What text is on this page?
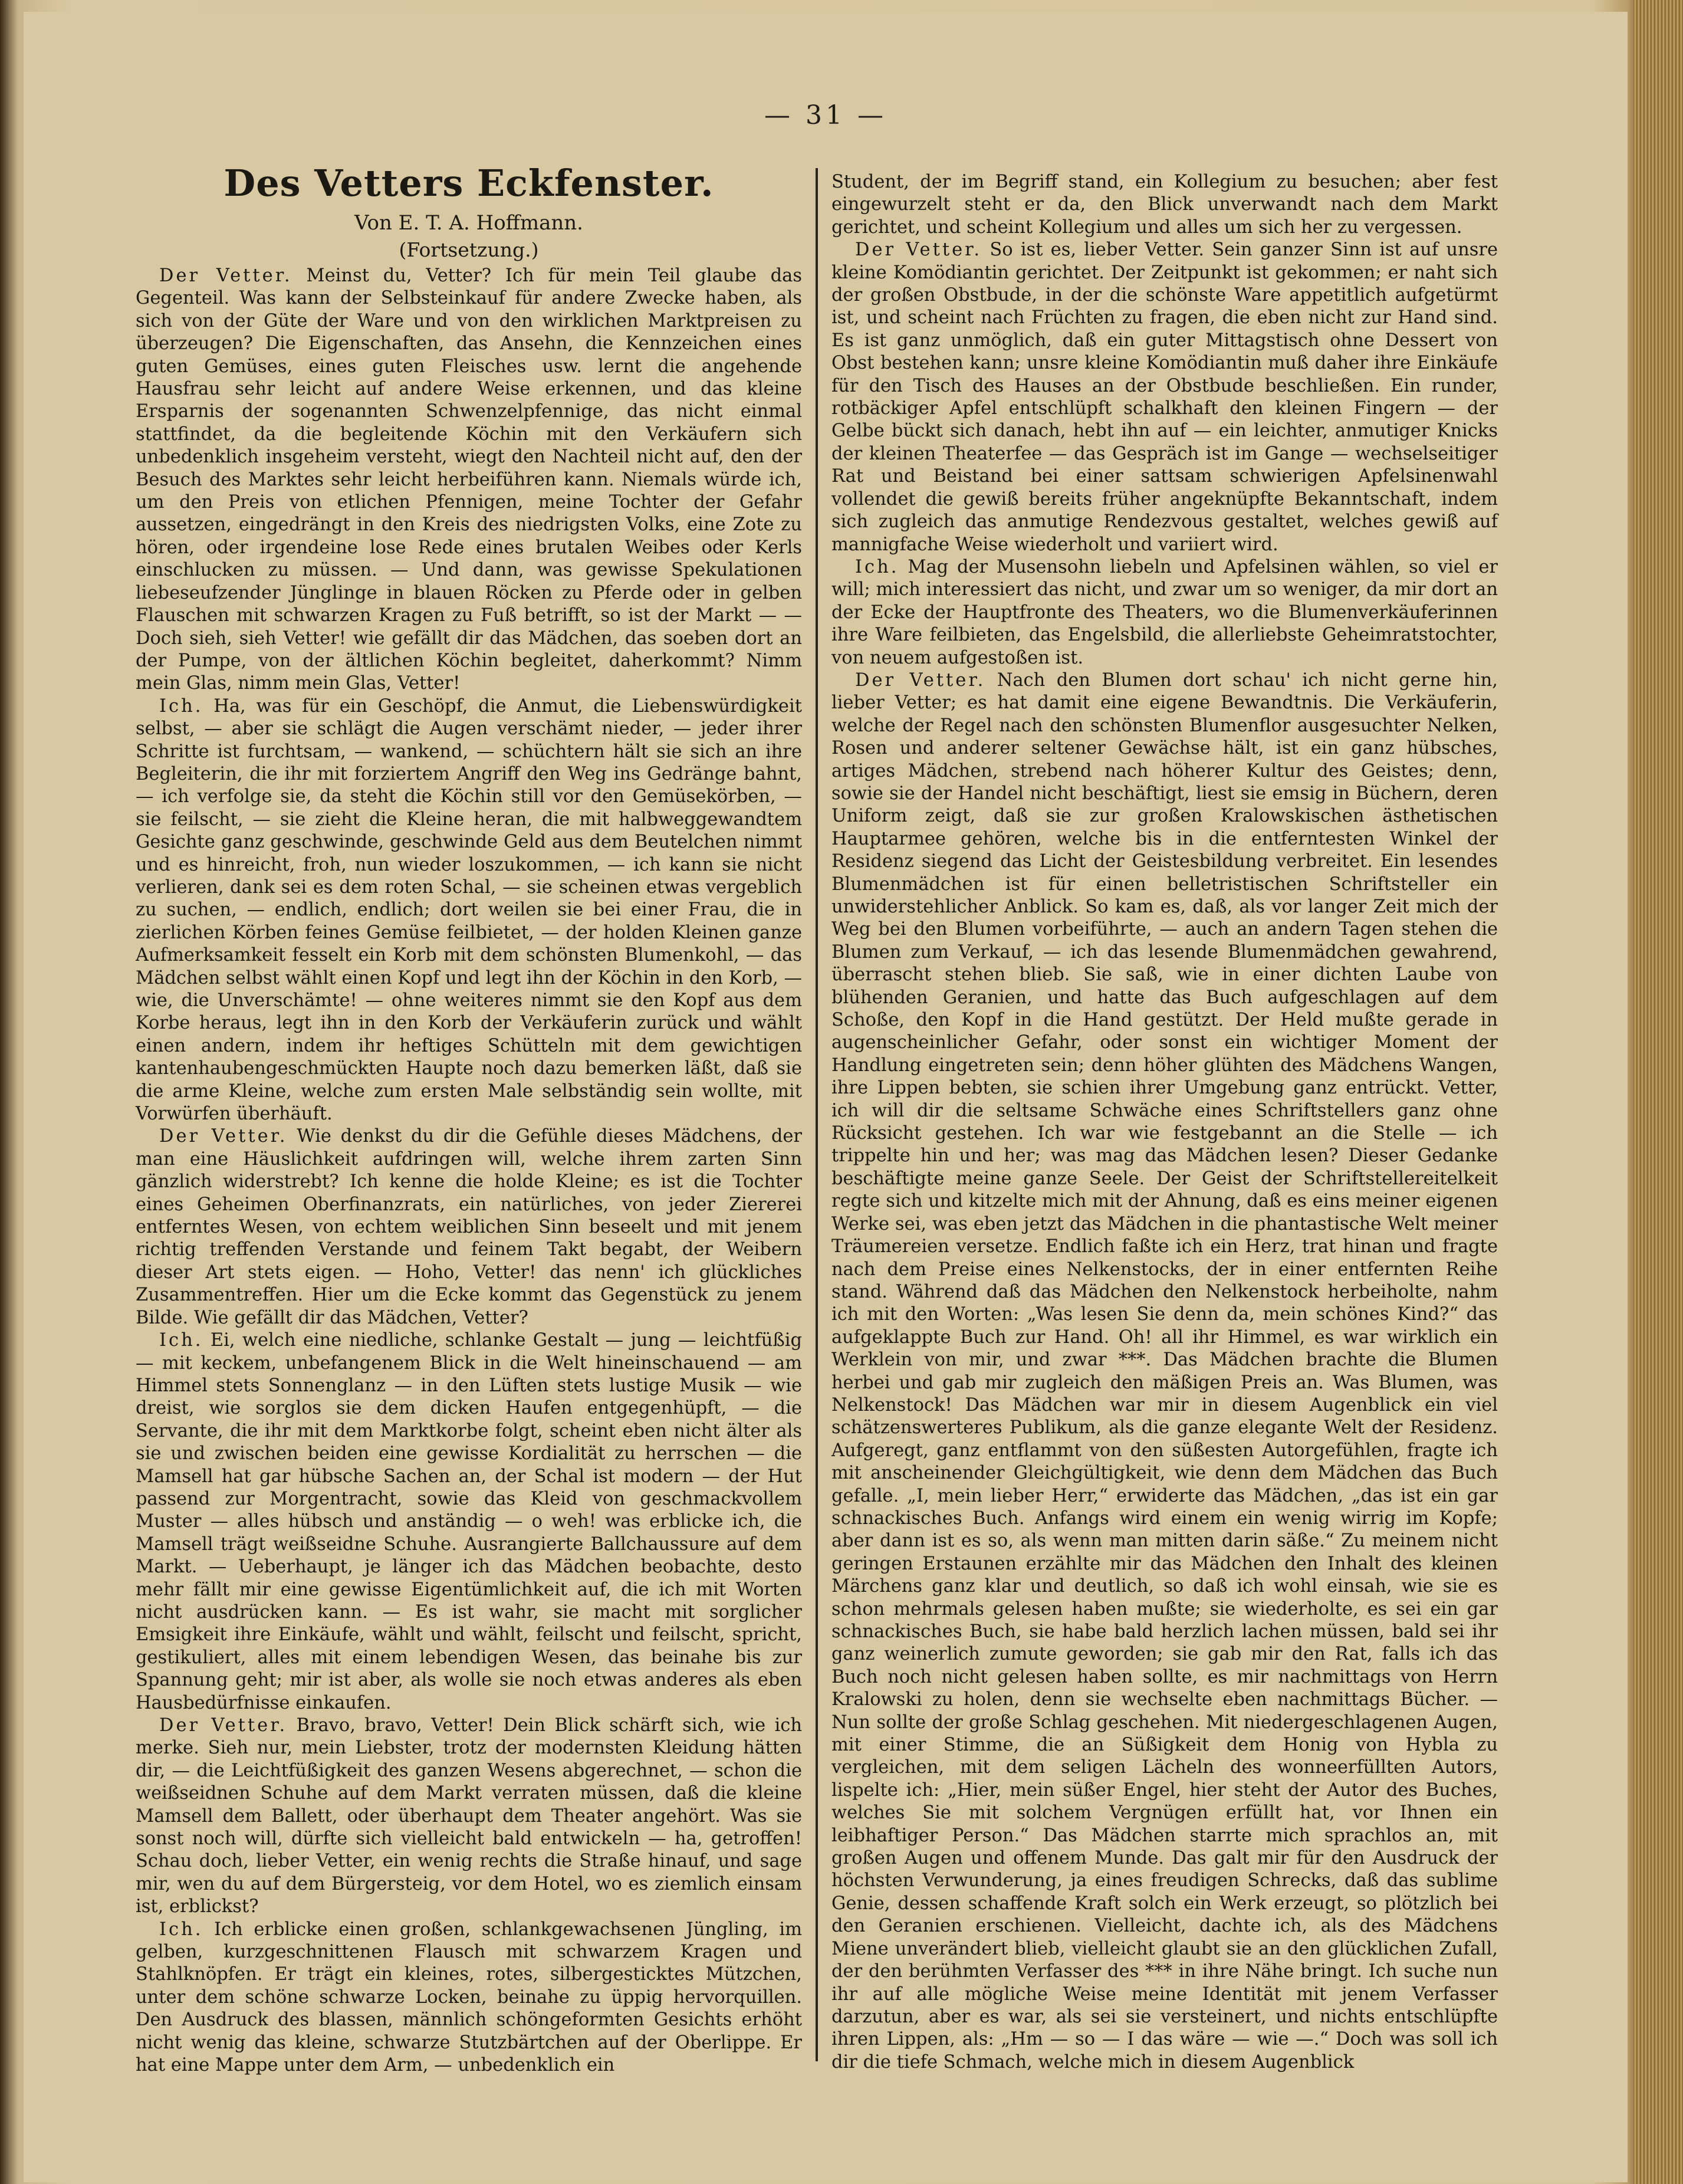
— 31 —
Des Vetters Eckfenster.
Von E. T. A. Hoffmann.
(Fortsetzung.)

Der Vetter. Meinst du, Vetter? Ich für mein Teil glaube das Gegenteil. Was kann der Selbsteinkauf für andere Zwecke haben, als sich von der Güte der Ware und von den wirklichen Marktpreisen zu überzeugen? Die Eigenschaften, das Ansehn, die Kennzeichen eines guten Gemüses, eines guten Fleisches usw. lernt die angehende Hausfrau sehr leicht auf andere Weise erkennen, und das kleine Ersparnis der sogenannten Schwenzelpfennige, das nicht einmal stattfindet, da die begleitende Köchin mit den Verkäufern sich unbedenklich insgeheim versteht, wiegt den Nachteil nicht auf, den der Besuch des Marktes sehr leicht herbeiführen kann. Niemals würde ich, um den Preis von etlichen Pfennigen, meine Tochter der Gefahr aussetzen, eingedrängt in den Kreis des niedrigsten Volks, eine Zote zu hören, oder irgendeine lose Rede eines brutalen Weibes oder Kerls einschlucken zu müssen. — Und dann, was gewisse Spekulationen liebeseufzender Jünglinge in blauen Röcken zu Pferde oder in gelben Flauschen mit schwarzen Kragen zu Fuß betrifft, so ist der Markt — — Doch sieh, sieh Vetter! wie gefällt dir das Mädchen, das soeben dort an der Pumpe, von der ältlichen Köchin begleitet, daherkommt? Nimm mein Glas, nimm mein Glas, Vetter!

Ich. Ha, was für ein Geschöpf, die Anmut, die Liebenswürdigkeit selbst, — aber sie schlägt die Augen verschämt nieder, — jeder ihrer Schritte ist furchtsam, — wankend, — schüchtern hält sie sich an ihre Begleiterin, die ihr mit forziertem Angriff den Weg ins Gedränge bahnt, — ich verfolge sie, da steht die Köchin still vor den Gemüsekörben, — sie feilscht, — sie zieht die Kleine heran, die mit halbweggewandtem Gesichte ganz geschwinde, geschwinde Geld aus dem Beutelchen nimmt und es hinreicht, froh, nun wieder loszukommen, — ich kann sie nicht verlieren, dank sei es dem roten Schal, — sie scheinen etwas vergeblich zu suchen, — endlich, endlich; dort weilen sie bei einer Frau, die in zierlichen Körben feines Gemüse feilbietet, — der holden Kleinen ganze Aufmerksamkeit fesselt ein Korb mit dem schönsten Blumenkohl, — das Mädchen selbst wählt einen Kopf und legt ihn der Köchin in den Korb, — wie, die Unverschämte! — ohne weiteres nimmt sie den Kopf aus dem Korbe heraus, legt ihn in den Korb der Verkäuferin zurück und wählt einen andern, indem ihr heftiges Schütteln mit dem gewichtigen kantenhaubengeschmückten Haupte noch dazu bemerken läßt, daß sie die arme Kleine, welche zum ersten Male selbständig sein wollte, mit Vorwürfen überhäuft.

Der Vetter. Wie denkst du dir die Gefühle dieses Mädchens, der man eine Häuslichkeit aufdringen will, welche ihrem zarten Sinn gänzlich widerstrebt? Ich kenne die holde Kleine; es ist die Tochter eines Geheimen Oberfinanzrats, ein natürliches, von jeder Ziererei entferntes Wesen, von echtem weiblichen Sinn beseelt und mit jenem richtig treffenden Verstande und feinem Takt begabt, der Weibern dieser Art stets eigen. — Hoho, Vetter! das nenn' ich glückliches Zusammentreffen. Hier um die Ecke kommt das Gegenstück zu jenem Bilde. Wie gefällt dir das Mädchen, Vetter?

Ich. Ei, welch eine niedliche, schlanke Gestalt — jung — leichtfüßig — mit keckem, unbefangenem Blick in die Welt hineinschauend — am Himmel stets Sonnenglanz — in den Lüften stets lustige Musik — wie dreist, wie sorglos sie dem dicken Haufen entgegenhüpft, — die Servante, die ihr mit dem Marktkorbe folgt, scheint eben nicht älter als sie und zwischen beiden eine gewisse Kordialität zu herrschen — die Mamsell hat gar hübsche Sachen an, der Schal ist modern — der Hut passend zur Morgentracht, sowie das Kleid von geschmackvollem Muster — alles hübsch und anständig — o weh! was erblicke ich, die Mamsell trägt weißseidne Schuhe. Ausrangierte Ballchaussure auf dem Markt. — Ueberhaupt, je länger ich das Mädchen beobachte, desto mehr fällt mir eine gewisse Eigentümlichkeit auf, die ich mit Worten nicht ausdrücken kann. — Es ist wahr, sie macht mit sorglicher Emsigkeit ihre Einkäufe, wählt und wählt, feilscht und feilscht, spricht, gestikuliert, alles mit einem lebendigen Wesen, das beinahe bis zur Spannung geht; mir ist aber, als wolle sie noch etwas anderes als eben Hausbedürfnisse einkaufen.

Der Vetter. Bravo, bravo, Vetter! Dein Blick schärft sich, wie ich merke. Sieh nur, mein Liebster, trotz der modernsten Kleidung hätten dir, — die Leichtfüßigkeit des ganzen Wesens abgerechnet, — schon die weißseidnen Schuhe auf dem Markt verraten müssen, daß die kleine Mamsell dem Ballett, oder überhaupt dem Theater angehört. Was sie sonst noch will, dürfte sich vielleicht bald entwickeln — ha, getroffen! Schau doch, lieber Vetter, ein wenig rechts die Straße hinauf, und sage mir, wen du auf dem Bürgersteig, vor dem Hotel, wo es ziemlich einsam ist, erblickst?

Ich. Ich erblicke einen großen, schlankgewachsenen Jüngling, im gelben, kurzgeschnittenen Flausch mit schwarzem Kragen und Stahlknöpfen. Er trägt ein kleines, rotes, silbergesticktes Mützchen, unter dem schöne schwarze Locken, beinahe zu üppig hervorquillen. Den Ausdruck des blassen, männlich schöngeformten Gesichts erhöht nicht wenig das kleine, schwarze Stutzbärtchen auf der Oberlippe. Er hat eine Mappe unter dem Arm, — unbedenklich ein

Student, der im Begriff stand, ein Kollegium zu besuchen; aber fest eingewurzelt steht er da, den Blick unverwandt nach dem Markt gerichtet, und scheint Kollegium und alles um sich her zu vergessen.

Der Vetter. So ist es, lieber Vetter. Sein ganzer Sinn ist auf unsre kleine Komödiantin gerichtet. Der Zeitpunkt ist gekommen; er naht sich der großen Obstbude, in der die schönste Ware appetitlich aufgetürmt ist, und scheint nach Früchten zu fragen, die eben nicht zur Hand sind. Es ist ganz unmöglich, daß ein guter Mittagstisch ohne Dessert von Obst bestehen kann; unsre kleine Komödiantin muß daher ihre Einkäufe für den Tisch des Hauses an der Obstbude beschließen. Ein runder, rotbäckiger Apfel entschlüpft schalkhaft den kleinen Fingern — der Gelbe bückt sich danach, hebt ihn auf — ein leichter, anmutiger Knicks der kleinen Theaterfee — das Gespräch ist im Gange — wechselseitiger Rat und Beistand bei einer sattsam schwierigen Apfelsinenwahl vollendet die gewiß bereits früher angeknüpfte Bekanntschaft, indem sich zugleich das anmutige Rendezvous gestaltet, welches gewiß auf mannigfache Weise wiederholt und variiert wird.

Ich. Mag der Musensohn liebeln und Apfelsinen wählen, so viel er will; mich interessiert das nicht, und zwar um so weniger, da mir dort an der Ecke der Hauptfronte des Theaters, wo die Blumenverkäuferinnen ihre Ware feilbieten, das Engelsbild, die allerliebste Geheimratstochter, von neuem aufgestoßen ist.

Der Vetter. Nach den Blumen dort schau' ich nicht gerne hin, lieber Vetter; es hat damit eine eigene Bewandtnis. Die Verkäuferin, welche der Regel nach den schönsten Blumenflor ausgesuchter Nelken, Rosen und anderer seltener Gewächse hält, ist ein ganz hübsches, artiges Mädchen, strebend nach höherer Kultur des Geistes; denn, sowie sie der Handel nicht beschäftigt, liest sie emsig in Büchern, deren Uniform zeigt, daß sie zur großen Kralowskischen ästhetischen Hauptarmee gehören, welche bis in die entferntesten Winkel der Residenz siegend das Licht der Geistesbildung verbreitet. Ein lesendes Blumenmädchen ist für einen belletristischen Schriftsteller ein unwiderstehlicher Anblick. So kam es, daß, als vor langer Zeit mich der Weg bei den Blumen vorbeiführte, — auch an andern Tagen stehen die Blumen zum Verkauf, — ich das lesende Blumenmädchen gewahrend, überrascht stehen blieb. Sie saß, wie in einer dichten Laube von blühenden Geranien, und hatte das Buch aufgeschlagen auf dem Schoße, den Kopf in die Hand gestützt. Der Held mußte gerade in augenscheinlicher Gefahr, oder sonst ein wichtiger Moment der Handlung eingetreten sein; denn höher glühten des Mädchens Wangen, ihre Lippen bebten, sie schien ihrer Umgebung ganz entrückt. Vetter, ich will dir die seltsame Schwäche eines Schriftstellers ganz ohne Rücksicht gestehen. Ich war wie festgebannt an die Stelle — ich trippelte hin und her; was mag das Mädchen lesen? Dieser Gedanke beschäftigte meine ganze Seele. Der Geist der Schriftstellereitelkeit regte sich und kitzelte mich mit der Ahnung, daß es eins meiner eigenen Werke sei, was eben jetzt das Mädchen in die phantastische Welt meiner Träumereien versetze. Endlich faßte ich ein Herz, trat hinan und fragte nach dem Preise eines Nelkenstocks, der in einer entfernten Reihe stand. Während daß das Mädchen den Nelkenstock herbeiholte, nahm ich mit den Worten: „Was lesen Sie denn da, mein schönes Kind?“ das aufgeklappte Buch zur Hand. Oh! all ihr Himmel, es war wirklich ein Werklein von mir, und zwar ***. Das Mädchen brachte die Blumen herbei und gab mir zugleich den mäßigen Preis an. Was Blumen, was Nelkenstock! Das Mädchen war mir in diesem Augenblick ein viel schätzenswerteres Publikum, als die ganze elegante Welt der Residenz. Aufgeregt, ganz entflammt von den süßesten Autorgefühlen, fragte ich mit anscheinender Gleichgültigkeit, wie denn dem Mädchen das Buch gefalle. „I, mein lieber Herr,“ erwiderte das Mädchen, „das ist ein gar schnackisches Buch. Anfangs wird einem ein wenig wirrig im Kopfe; aber dann ist es so, als wenn man mitten darin säße.“ Zu meinem nicht geringen Erstaunen erzählte mir das Mädchen den Inhalt des kleinen Märchens ganz klar und deutlich, so daß ich wohl einsah, wie sie es schon mehrmals gelesen haben mußte; sie wiederholte, es sei ein gar schnackisches Buch, sie habe bald herzlich lachen müssen, bald sei ihr ganz weinerlich zumute geworden; sie gab mir den Rat, falls ich das Buch noch nicht gelesen haben sollte, es mir nachmittags von Herrn Kralowski zu holen, denn sie wechselte eben nachmittags Bücher. — Nun sollte der große Schlag geschehen. Mit niedergeschlagenen Augen, mit einer Stimme, die an Süßigkeit dem Honig von Hybla zu vergleichen, mit dem seligen Lächeln des wonneerfüllten Autors, lispelte ich: „Hier, mein süßer Engel, hier steht der Autor des Buches, welches Sie mit solchem Vergnügen erfüllt hat, vor Ihnen ein leibhaftiger Person.“ Das Mädchen starrte mich sprachlos an, mit großen Augen und offenem Munde. Das galt mir für den Ausdruck der höchsten Verwunderung, ja eines freudigen Schrecks, daß das sublime Genie, dessen schaffende Kraft solch ein Werk erzeugt, so plötzlich bei den Geranien erschienen. Vielleicht, dachte ich, als des Mädchens Miene unverändert blieb, vielleicht glaubt sie an den glücklichen Zufall, der den berühmten Verfasser des *** in ihre Nähe bringt. Ich suche nun ihr auf alle mögliche Weise meine Identität mit jenem Verfasser darzutun, aber es war, als sei sie versteinert, und nichts entschlüpfte ihren Lippen, als: „Hm — so — I das wäre — wie —.“ Doch was soll ich dir die tiefe Schmach, welche mich in diesem Augenblick
